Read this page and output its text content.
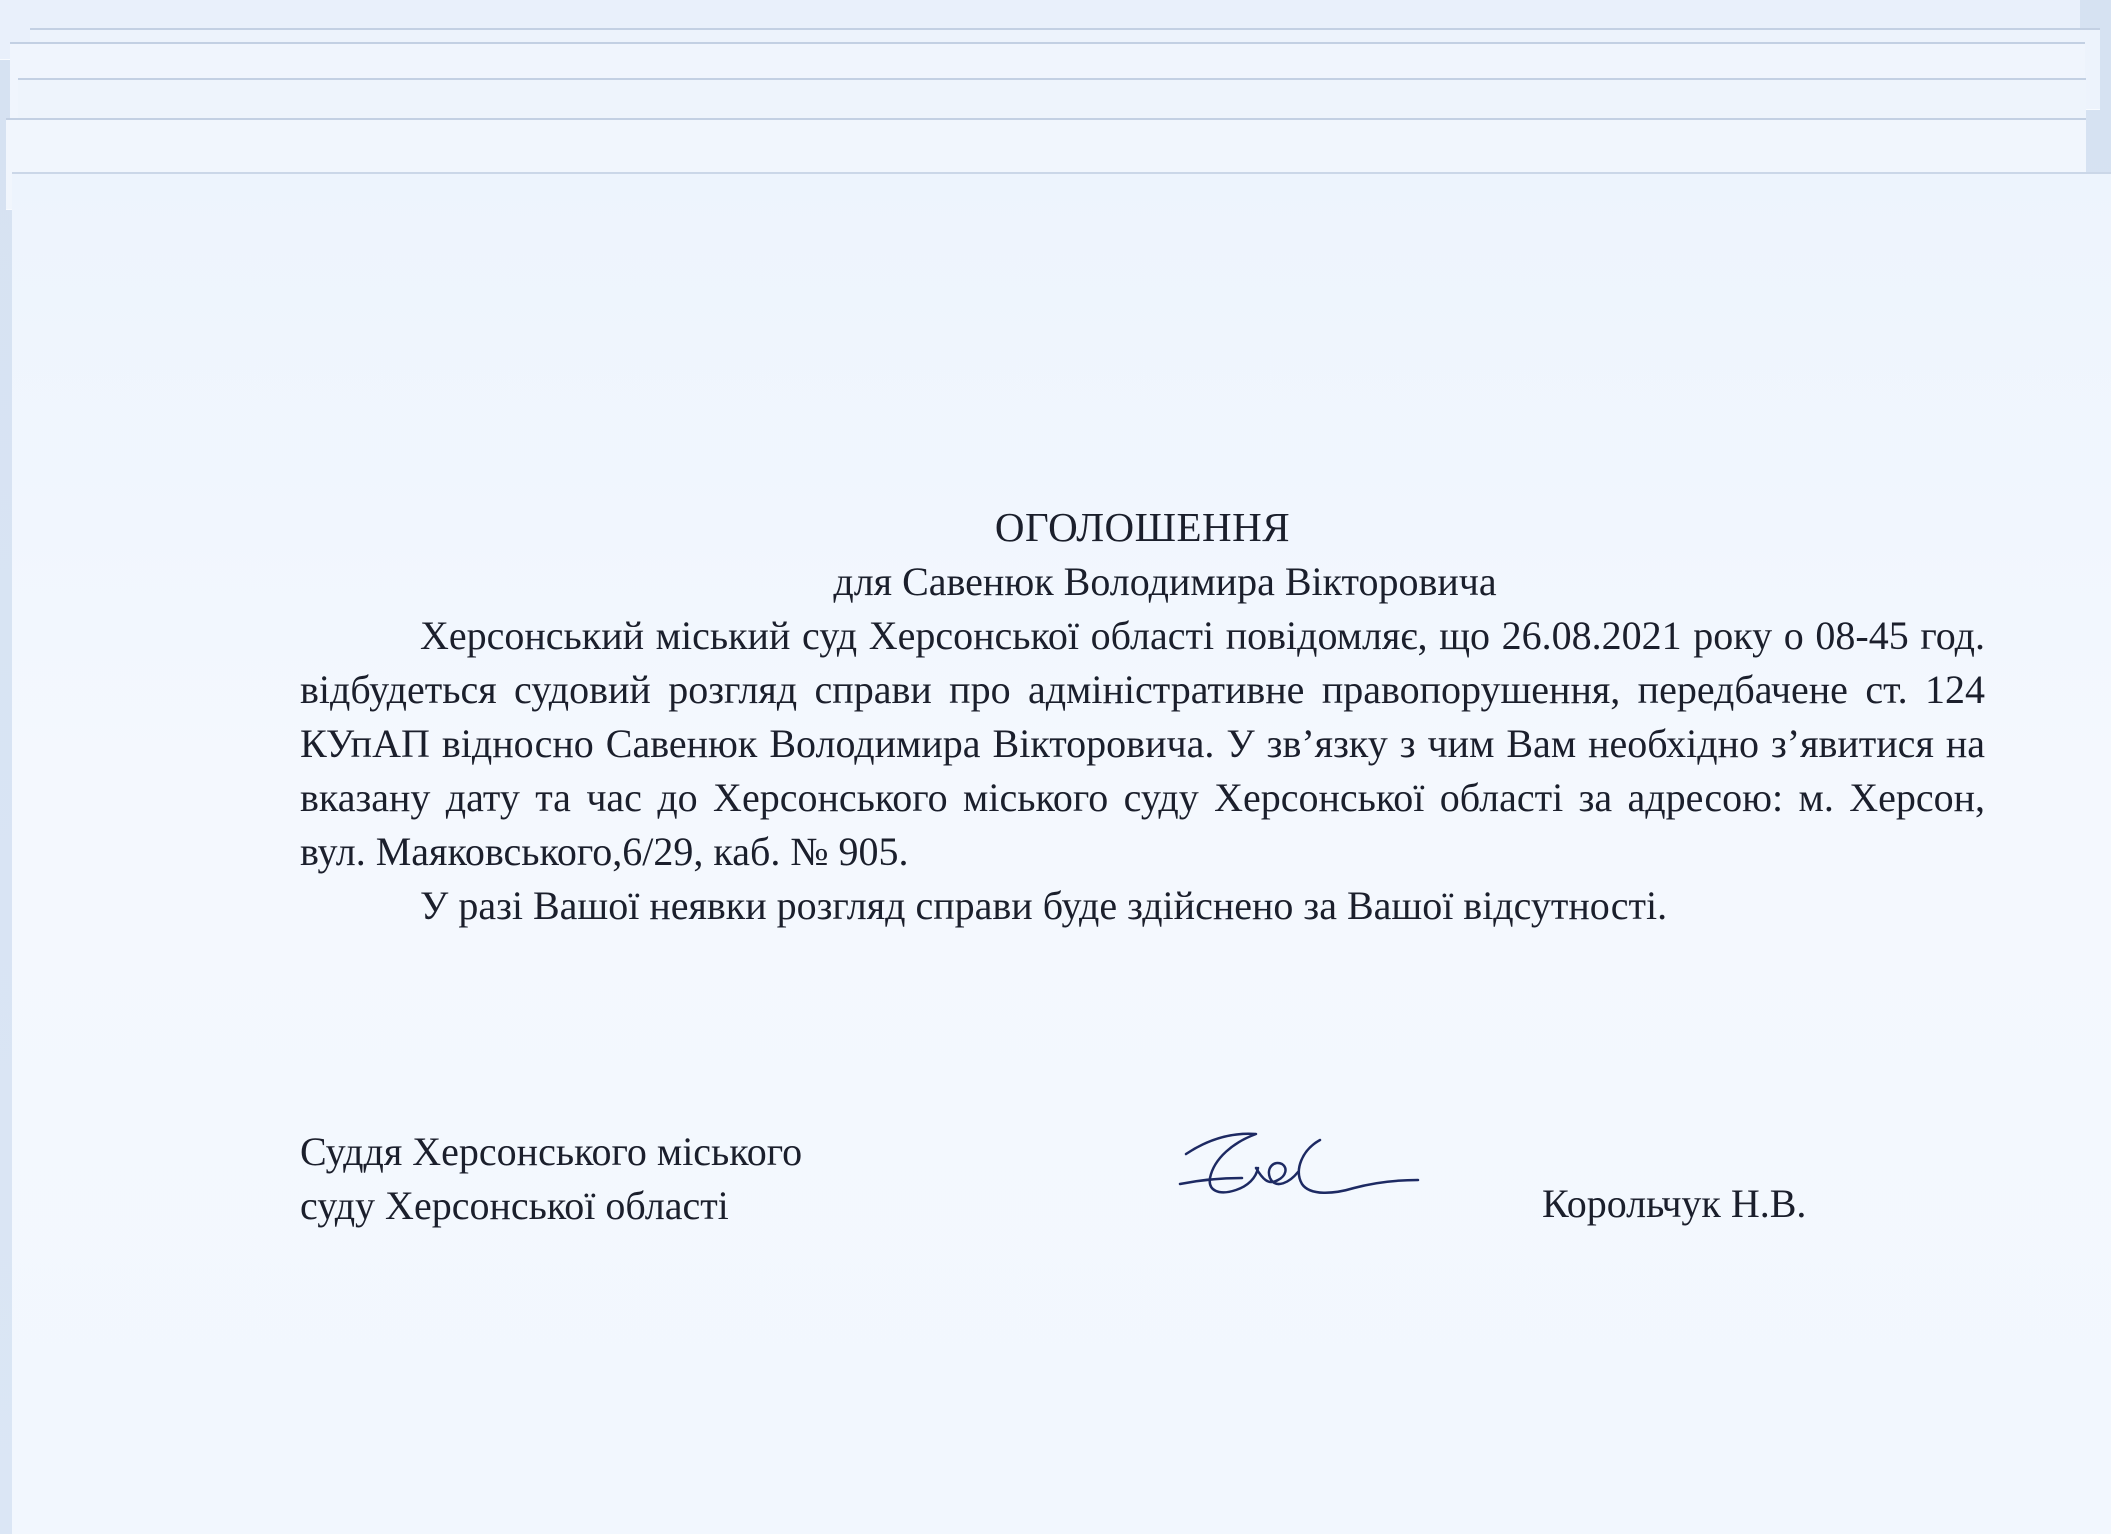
ОГОЛОШЕННЯ

для Савенюк Володимира Вікторовича

Херсонський міський суд Херсонської області повідомляє, що 26.08.2021 року о 08-45 год. відбудеться судовий розгляд справи про адміністративне правопорушення, передбачене ст. 124 КУпАП відносно Савенюк Володимира Вікторовича. У зв’язку з чим Вам необхідно з’явитися на вказану дату та час до Херсонського міського суду Херсонської області за адресою: м. Херсон, вул. Маяковського,6/29, каб. № 905.

У разі Вашої неявки розгляд справи буде здійснено за Вашої відсутності.

Суддя Херсонського міського
суду Херсонської області	Корольчук Н.В.
